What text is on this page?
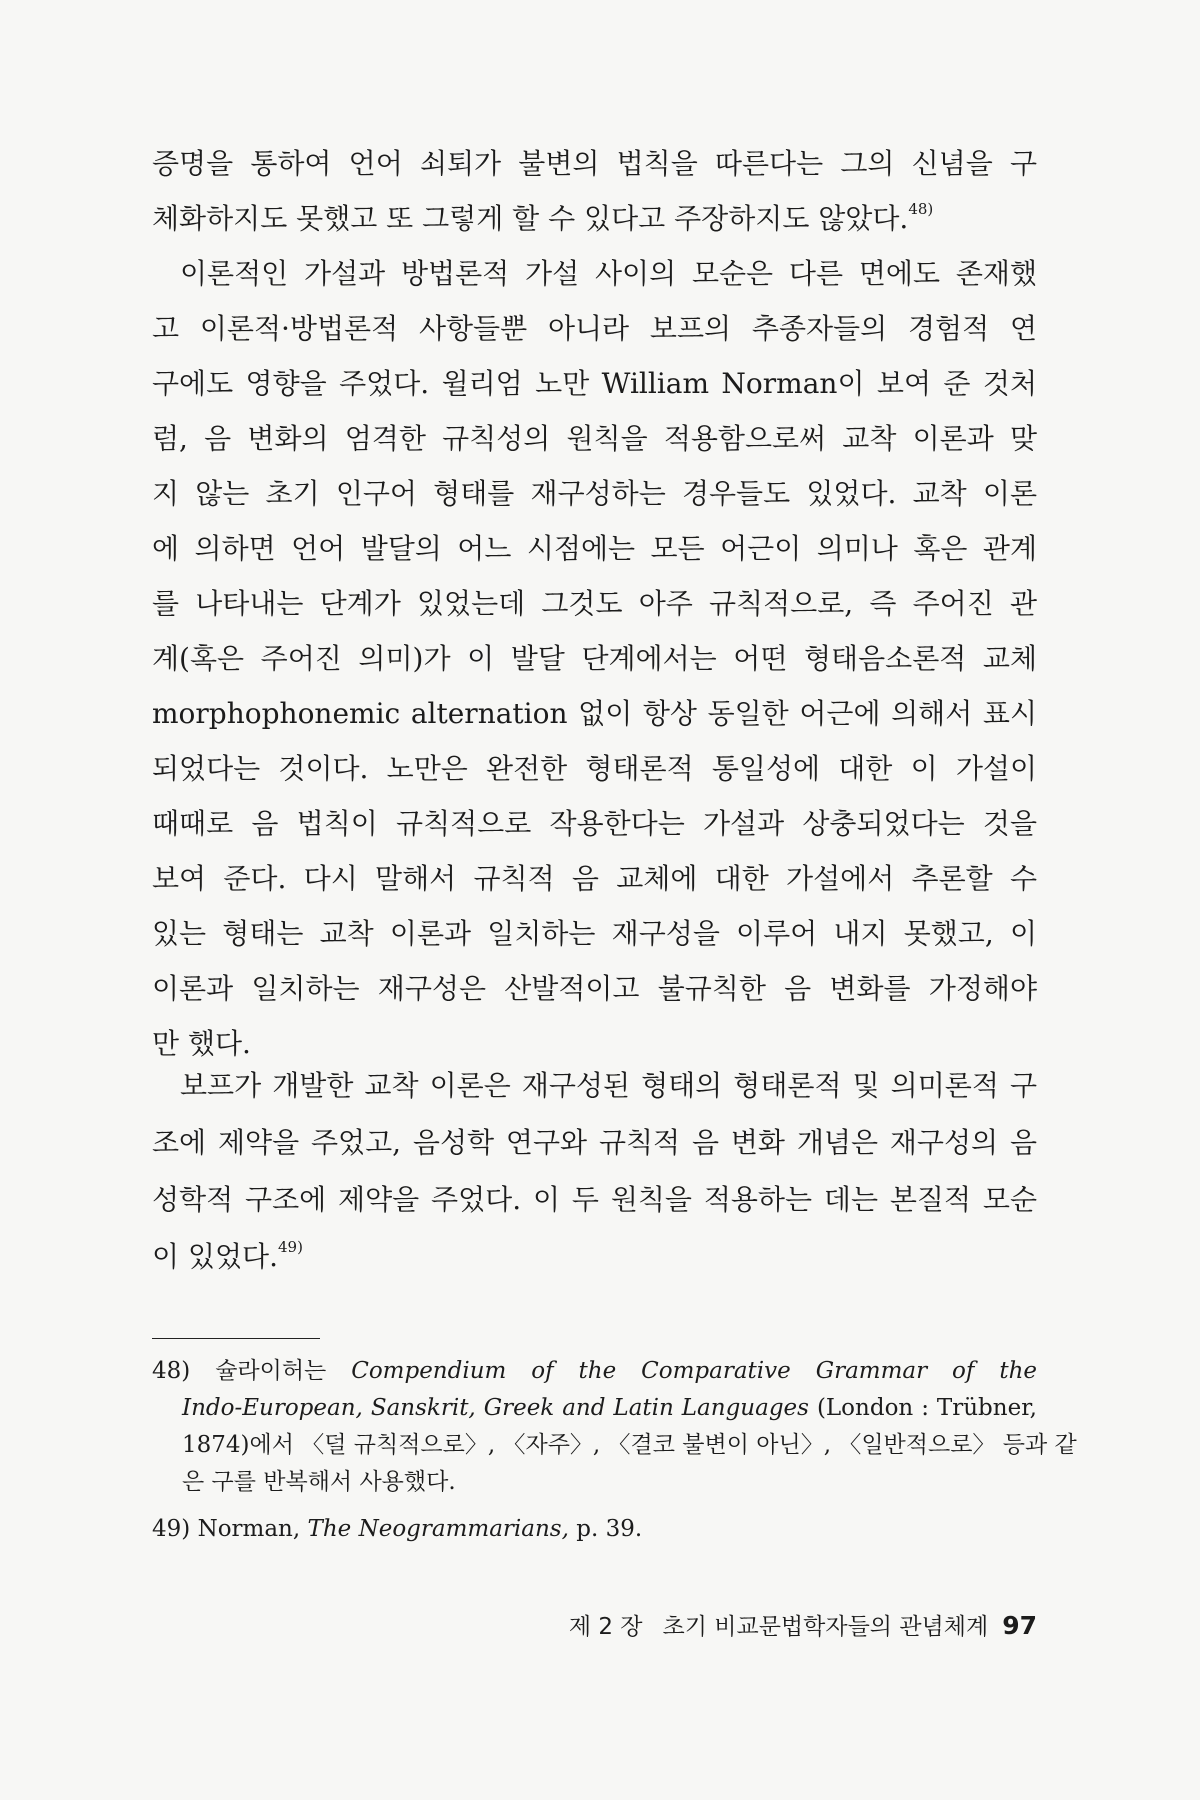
증명을 통하여 언어 쇠퇴가 불변의 법칙을 따른다는 그의 신념을 구
체화하지도 못했고 또 그렇게 할 수 있다고 주장하지도 않았다.$^{48)}$
이론적인 가설과 방법론적 가설 사이의 모순은 다른 면에도 존재했
고 이론적·방법론적 사항들뿐 아니라 보프의 추종자들의 경험적 연
구에도 영향을 주었다. 윌리엄 노만 William Norman이 보여 준 것처
럼, 음 변화의 엄격한 규칙성의 원칙을 적용함으로써 교착 이론과 맞
지 않는 초기 인구어 형태를 재구성하는 경우들도 있었다. 교착 이론
에 의하면 언어 발달의 어느 시점에는 모든 어근이 의미나 혹은 관계
를 나타내는 단계가 있었는데 그것도 아주 규칙적으로, 즉 주어진 관
계(혹은 주어진 의미)가 이 발달 단계에서는 어떤 형태음소론적 교체
morphophonemic alternation 없이 항상 동일한 어근에 의해서 표시
되었다는 것이다. 노만은 완전한 형태론적 통일성에 대한 이 가설이
때때로 음 법칙이 규칙적으로 작용한다는 가설과 상충되었다는 것을
보여 준다. 다시 말해서 규칙적 음 교체에 대한 가설에서 추론할 수
있는 형태는 교착 이론과 일치하는 재구성을 이루어 내지 못했고, 이
이론과 일치하는 재구성은 산발적이고 불규칙한 음 변화를 가정해야
만 했다.
보프가 개발한 교착 이론은 재구성된 형태의 형태론적 및 의미론적 구
조에 제약을 주었고, 음성학 연구와 규칙적 음 변화 개념은 재구성의 음
성학적 구조에 제약을 주었다. 이 두 원칙을 적용하는 데는 본질적 모순
이 있었다.$^{49)}$
48) 슐라이허는 Compendium of the Comparative Grammar of the
Indo-European, Sanskrit, Greek and Latin Languages (London : Trübner,
1874)에서 〈덜 규칙적으로〉, 〈자주〉, 〈결코 불변이 아닌〉, 〈일반적으로〉 등과 같
은 구를 반복해서 사용했다.
49) Norman, The Neogrammarians, p. 39.
제 2 장 초기 비교문법학자들의 관념체계 97
